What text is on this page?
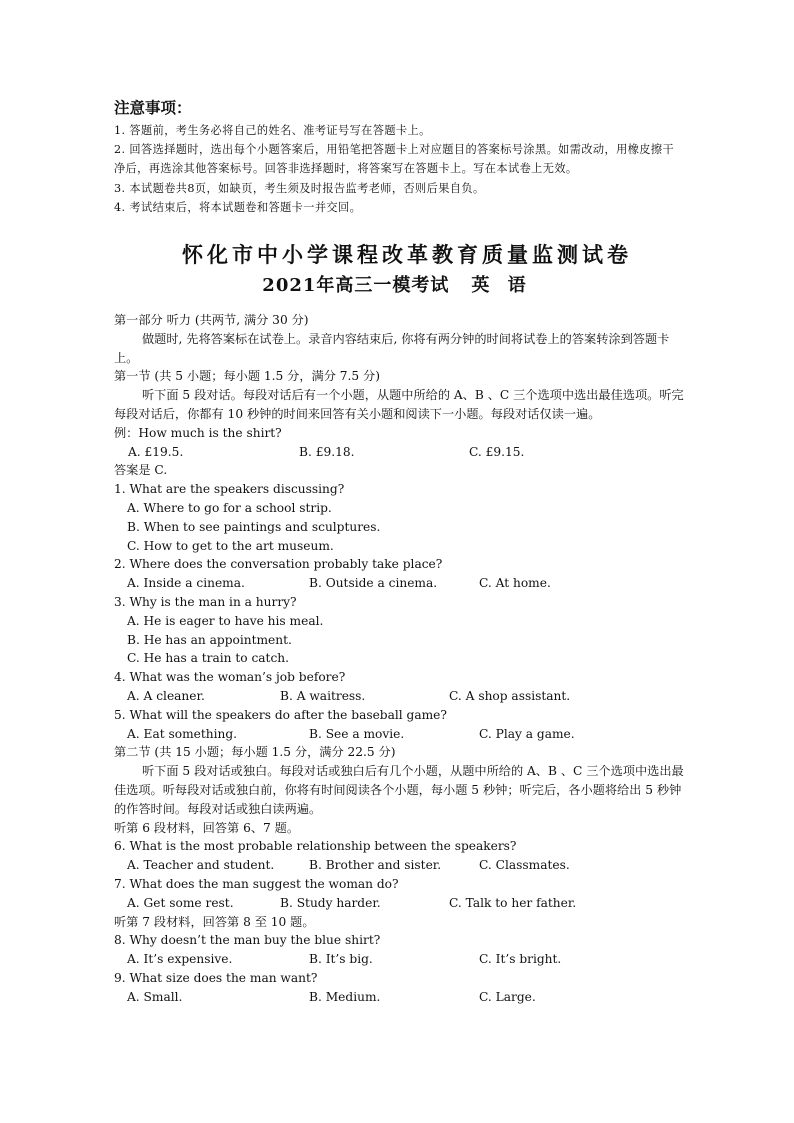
注意事项：
1. 答题前，考生务必将自己的姓名、准考证号写在答题卡上。
2. 回答选择题时，选出每个小题答案后，用铅笔把答题卡上对应题目的答案标号涂黑。如需改动，用橡皮擦干净后，再选涂其他答案标号。回答非选择题时，将答案写在答题卡上。写在本试卷上无效。
3. 本试题卷共8页，如缺页，考生须及时报告监考老师，否则后果自负。
4. 考试结束后，将本试题卷和答题卡一并交回。
怀化市中小学课程改革教育质量监测试卷
2021年高三一模考试 英 语
第一部分 听力 (共两节, 满分 30 分)
做题时, 先将答案标在试卷上。录音内容结束后, 你将有两分钟的时间将试卷上的答案转涂到答题卡上。
第一节 (共 5 小题；每小题 1.5 分，满分 7.5 分)
听下面 5 段对话。每段对话后有一个小题，从题中所给的 A、B 、C 三个选项中选出最佳选项。听完每段对话后，你都有 10 秒钟的时间来回答有关小题和阅读下一小题。每段对话仅读一遍。
例：How much is the shirt?
A. £19.5.	B. £9.18.	C. £9.15.
答案是 C.
1. What are the speakers discussing?
A. Where to go for a school strip.
B. When to see paintings and sculptures.
C. How to get to the art museum.
2. Where does the conversation probably take place?
A. Inside a cinema.	B. Outside a cinema.	C. At home.
3. Why is the man in a hurry?
A. He is eager to have his meal.
B. He has an appointment.
C. He has a train to catch.
4. What was the woman’s job before?
A. A cleaner.	B. A waitress.	C. A shop assistant.
5. What will the speakers do after the baseball game?
A. Eat something.	B. See a movie.	C. Play a game.
第二节 (共 15 小题；每小题 1.5 分，满分 22.5 分)
听下面 5 段对话或独白。每段对话或独白后有几个小题，从题中所给的 A、B 、C 三个选项中选出最佳选项。听每段对话或独白前，你将有时间阅读各个小题，每小题 5 秒钟；听完后，各小题将给出 5 秒钟的作答时间。每段对话或独白读两遍。
听第 6 段材料，回答第 6、7 题。
6. What is the most probable relationship between the speakers?
A. Teacher and student.	B. Brother and sister.	C. Classmates.
7. What does the man suggest the woman do?
A. Get some rest.	B. Study harder.	C. Talk to her father.
听第 7 段材料，回答第 8 至 10 题。
8. Why doesn’t the man buy the blue shirt?
A. It’s expensive.	B. It’s big.	C. It’s bright.
9. What size does the man want?
A. Small.	B. Medium.	C. Large.
